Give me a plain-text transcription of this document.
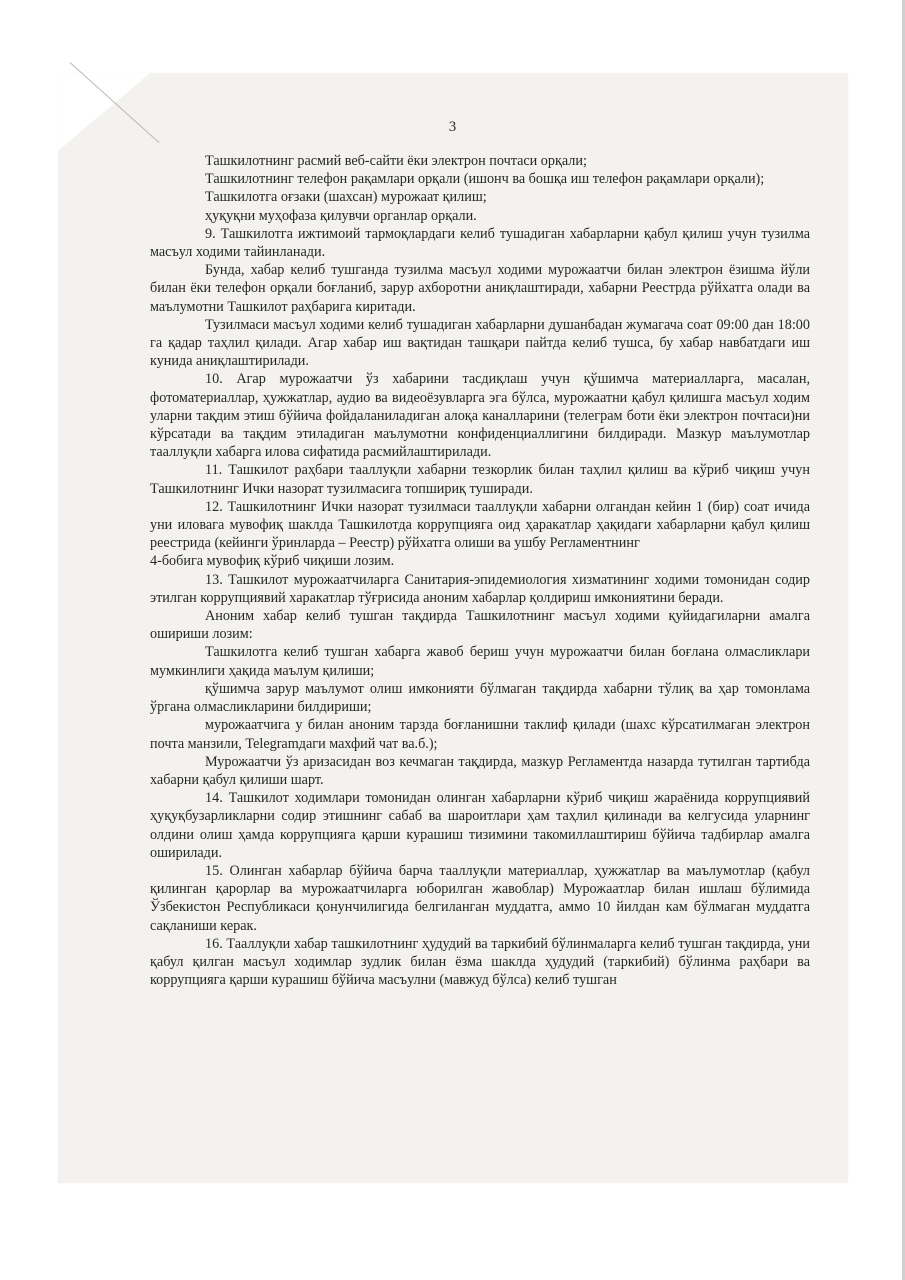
3

Ташкилотнинг расмий веб-сайти ёки электрон почтаси орқали;

Ташкилотнинг телефон рақамлари орқали (ишонч ва бошқа иш телефон рақамлари орқали);

Ташкилотга оғзаки (шахсан) мурожаат қилиш;

ҳуқуқни муҳофаза қилувчи органлар орқали.

9. Ташкилотга ижтимоий тармоқлардаги келиб тушадиган хабарларни қабул қилиш учун тузилма масъул ходими тайинланади.

Бунда, хабар келиб тушганда тузилма масъул ходими мурожаатчи билан электрон ёзишма йўли билан ёки телефон орқали боғланиб, зарур ахборотни аниқлаштиради, хабарни Реестрда рўйхатга олади ва маълумотни Ташкилот раҳбарига киритади.

Тузилмаси масъул ходими келиб тушадиган хабарларни душанбадан жумагача соат 09:00 дан 18:00 га қадар таҳлил қилади. Агар хабар иш вақтидан ташқари пайтда келиб тушса, бу хабар навбатдаги иш кунида аниқлаштирилади.

10. Агар мурожаатчи ўз хабарини тасдиқлаш учун қўшимча материалларга, масалан, фотоматериаллар, ҳужжатлар, аудио ва видеоёзувларга эга бўлса, мурожаатни қабул қилишга масъул ходим уларни тақдим этиш бўйича фойдаланиладиган алоқа каналларини (телеграм боти ёки электрон почтаси)ни кўрсатади ва тақдим этиладиган маълумотни конфиденциаллигини билдиради. Мазкур маълумотлар тааллуқли хабарга илова сифатида расмийлаштирилади.

11. Ташкилот раҳбари тааллуқли хабарни тезкорлик билан таҳлил қилиш ва кўриб чиқиш учун Ташкилотнинг Ички назорат тузилмасига топшириқ туширади.

12. Ташкилотнинг Ички назорат тузилмаси тааллуқли хабарни олгандан кейин 1 (бир) соат ичида уни иловага мувофиқ шаклда Ташкилотда коррупцияга оид ҳаракатлар ҳақидаги хабарларни қабул қилиш реестрида (кейинги ўринларда – Реестр) рўйхатга олиши ва ушбу Регламентнинг

4-бобига мувофиқ кўриб чиқиши лозим.

13. Ташкилот мурожаатчиларга Санитария-эпидемиология хизматининг ходими томонидан содир этилган коррупциявий харакатлар тўғрисида аноним хабарлар қолдириш имкониятини беради.

Аноним хабар келиб тушган тақдирда Ташкилотнинг масъул ходими қуйидагиларни амалга ошириши лозим:

Ташкилотга келиб тушган хабарга жавоб бериш учун мурожаатчи билан боғлана олмасликлари мумкинлиги ҳақида маълум қилиши;

қўшимча зарур маълумот олиш имконияти бўлмаган тақдирда хабарни тўлиқ ва ҳар томонлама ўрганa олмасликларини билдириши;

мурожаатчига у билан аноним тарзда боғланишни таклиф қилади (шахс кўрсатилмаган электрон почта манзили, Telegramдаги махфий чат ва.б.);

Мурожаатчи ўз аризасидан воз кечмаган тақдирда, мазкур Регламентда назарда тутилган тартибда хабарни қабул қилиши шарт.

14. Ташкилот ходимлари томонидан олинган хабарларни кўриб чиқиш жараёнида коррупциявий ҳуқуқбузарликларни содир этишнинг сабаб ва шароитлари ҳам таҳлил қилинади ва келгусида уларнинг олдини олиш ҳамда коррупцияга қарши курашиш тизимини такомиллаштириш бўйича тадбирлар амалга оширилади.

15. Олинган хабарлар бўйича барча тааллуқли материаллар, ҳужжатлар ва маълумотлар (қабул қилинган қарорлар ва мурожаатчиларга юборилган жавоблар) Мурожаатлар билан ишлаш бўлимида Ўзбекистон Республикаси қонунчилигида белгиланган муддатга, аммо 10 йилдан кам бўлмаган муддатга сақланиши керак.

16. Тааллуқли хабар ташкилотнинг ҳудудий ва таркибий бўлинмаларга келиб тушган тақдирда, уни қабул қилган масъул ходимлар зудлик билан ёзма шаклда ҳудудий (таркибий) бўлинма раҳбари ва коррупцияга қарши курашиш бўйича масъулни (мавжуд бўлса) келиб тушган
